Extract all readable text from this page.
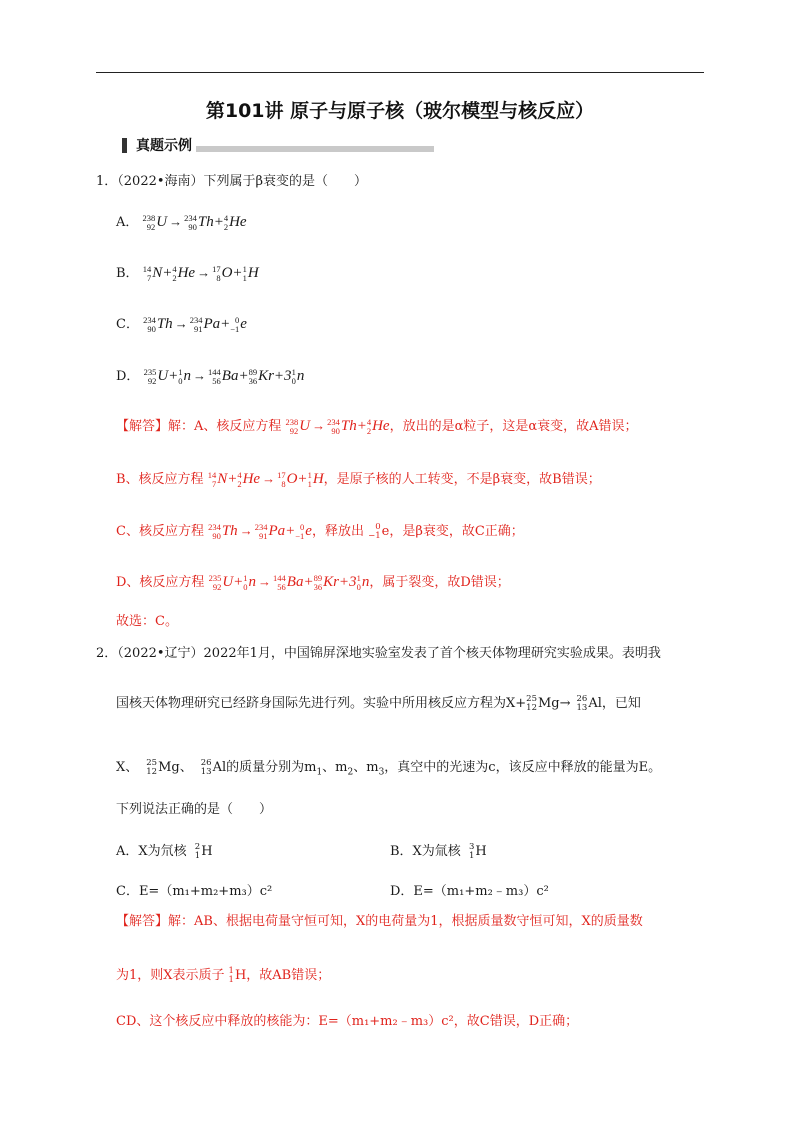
第101讲 原子与原子核（玻尔模型与核反应）
真题示例
1．（2022•海南）下列属于β衰变的是（　　）
A． 238
92 U → 234
90 Th+ 4
2 He
B． 14
7 N+ 4
2 He → 17
8 O+ 1
1 H
C． 234
90 Th → 234
91 Pa+ 0
−1 e
D． 235
92 U+ 1
0 n → 144
56 Ba+ 89
36 Kr+3 1
0 n
【解答】解：A、核反应方程 238
92 U → 234
90 Th+ 4
2 He，放出的是α粒子，这是α衰变，故A错误；
B、核反应方程 14
7 N+ 4
2 He → 17
8 O+ 1
1 H，是原子核的人工转变，不是β衰变，故B错误；
C、核反应方程 234
90 Th → 234
91 Pa+ 0
−1 e，释放出	0
−1 e，是β衰变，故C正确；
D、核反应方程 235
92 U+ 1
0 n → 144
56 Ba+ 89
36 Kr+3 1
0 n，属于裂变，故D错误；
故选：C。
2．（2022•辽宁）2022年1月，中国锦屏深地实验室发表了首个核天体物理研究实验成果。表明我
国核天体物理研究已经跻身国际先进行列。实验中所用核反应方程为X+ 25
12 Mg→ 26
13 Al，已知
X、 25
12 Mg、 26
13 Al的质量分别为$m_1$、$m_2$、$m_3$，真空中的光速为c，该反应中释放的能量为E。
下列说法正确的是（　　）
A．X为氘核 2
1 H	B．X为氚核 3
1 H
C．E=（m₁+m₂+m₃）c²	D．E=（m₁+m₂﹣m₃）c²
【解答】解：AB、根据电荷量守恒可知，X的电荷量为1，根据质量数守恒可知，X的质量数
为1，则X表示质子 1
1 H，故AB错误；
CD、这个核反应中释放的核能为：E=（m₁+m₂﹣m₃）c²，故C错误，D正确；
